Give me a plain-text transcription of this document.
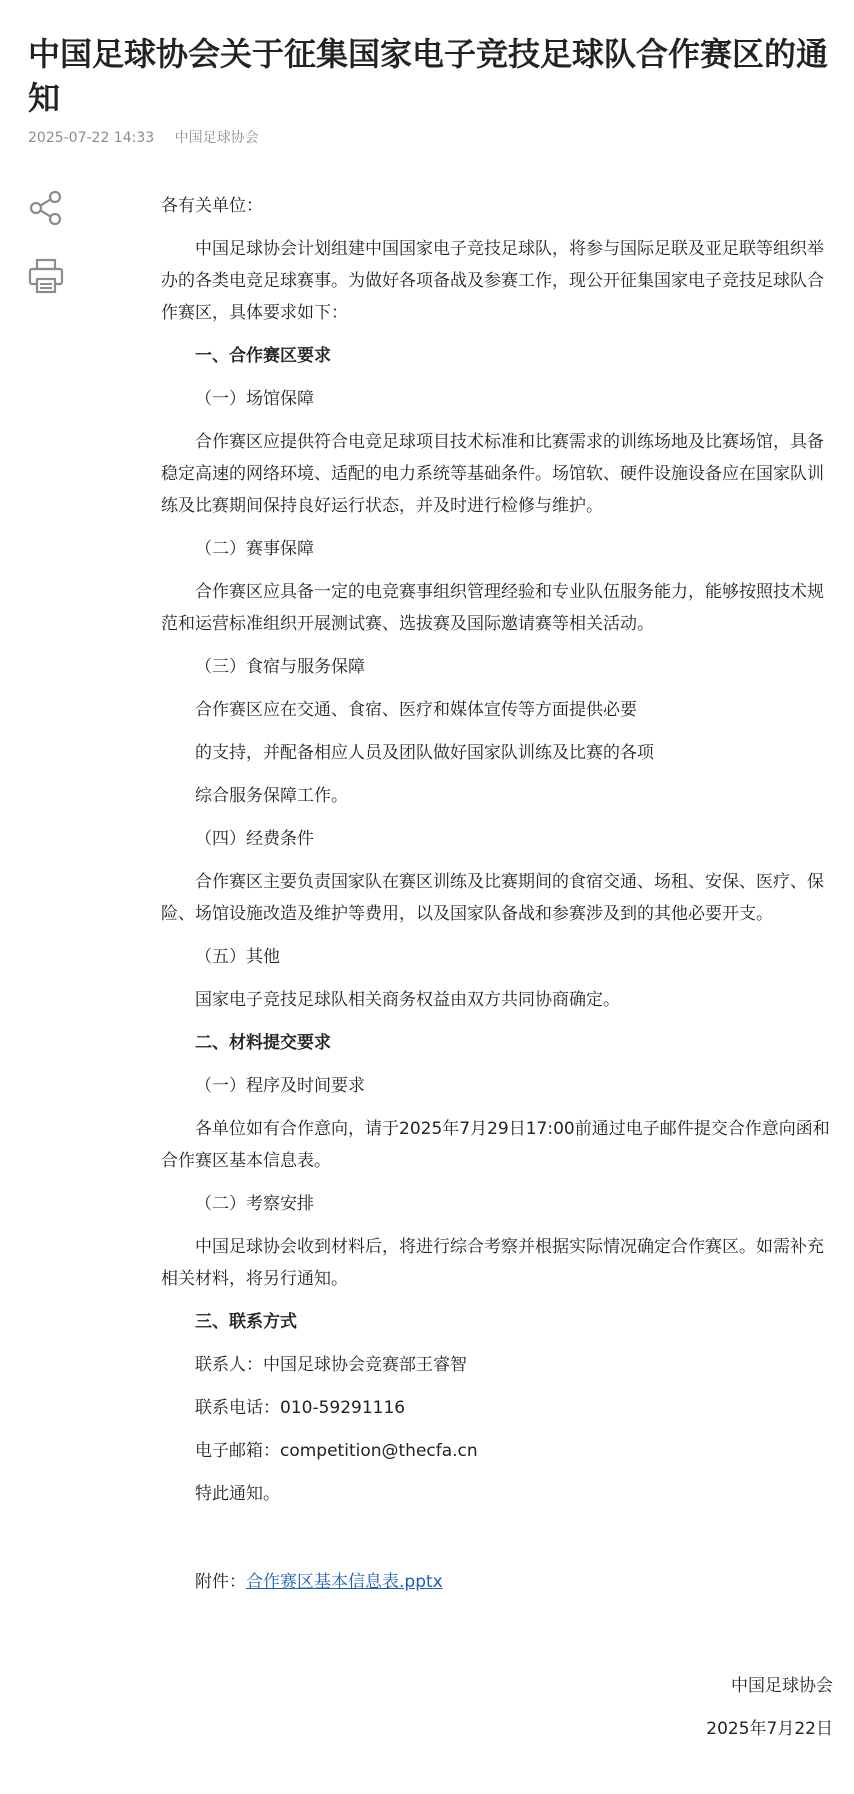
中国足球协会关于征集国家电子竞技足球队合作赛区的通知
2025-07-22 14:33 中国足球协会

各有关单位：

中国足球协会计划组建中国国家电子竞技足球队，将参与国际足联及亚足联等组织举办的各类电竞足球赛事。为做好各项备战及参赛工作，现公开征集国家电子竞技足球队合作赛区，具体要求如下：

一、合作赛区要求

（一）场馆保障

合作赛区应提供符合电竞足球项目技术标准和比赛需求的训练场地及比赛场馆，具备稳定高速的网络环境、适配的电力系统等基础条件。场馆软、硬件设施设备应在国家队训练及比赛期间保持良好运行状态，并及时进行检修与维护。

（二）赛事保障

合作赛区应具备一定的电竞赛事组织管理经验和专业队伍服务能力，能够按照技术规范和运营标准组织开展测试赛、选拔赛及国际邀请赛等相关活动。

（三）食宿与服务保障

合作赛区应在交通、食宿、医疗和媒体宣传等方面提供必要

的支持，并配备相应人员及团队做好国家队训练及比赛的各项

综合服务保障工作。

（四）经费条件

合作赛区主要负责国家队在赛区训练及比赛期间的食宿交通、场租、安保、医疗、保险、场馆设施改造及维护等费用，以及国家队备战和参赛涉及到的其他必要开支。

（五）其他

国家电子竞技足球队相关商务权益由双方共同协商确定。

二、材料提交要求

（一）程序及时间要求

各单位如有合作意向，请于2025年7月29日17:00前通过电子邮件提交合作意向函和合作赛区基本信息表。

（二）考察安排

中国足球协会收到材料后，将进行综合考察并根据实际情况确定合作赛区。如需补充相关材料，将另行通知。

三、联系方式

联系人：中国足球协会竞赛部王睿智

联系电话：010-59291116

电子邮箱：competition@thecfa.cn

特此通知。

附件：合作赛区基本信息表.pptx

中国足球协会

2025年7月22日
